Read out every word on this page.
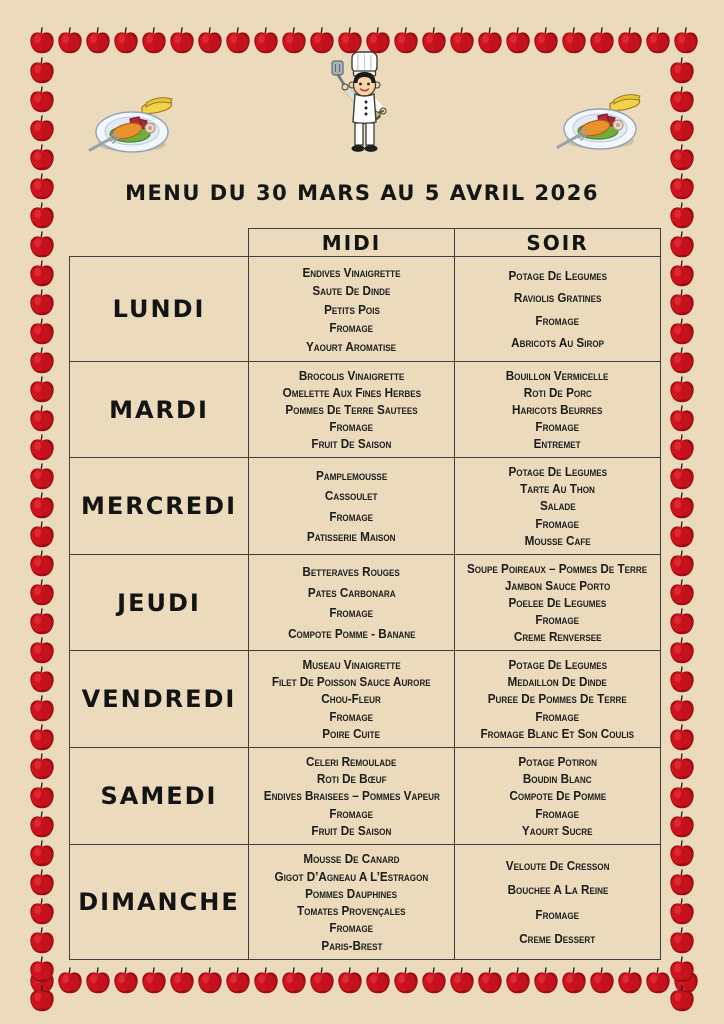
MENU DU 30 MARS AU 5 AVRIL 2026
MIDI	SOIR
LUNDI
Endives Vinaigrette
Saute De Dinde
Petits Pois
Fromage
Yaourt Aromatise
Potage De Legumes
Raviolis Gratines
Fromage
Abricots Au Sirop
MARDI
Brocolis Vinaigrette
Omelette Aux Fines Herbes
Pommes De Terre Sautees
Fromage
Fruit De Saison
Bouillon Vermicelle
Roti De Porc
Haricots Beurres
Fromage
Entremet
MERCREDI
Pamplemousse
Cassoulet
Fromage
Patisserie Maison
Potage De Legumes
Tarte Au Thon
Salade
Fromage
Mousse Cafe
JEUDI
Betteraves Rouges
Pates Carbonara
Fromage
Compote Pomme - Banane
Soupe Poireaux – Pommes De Terre
Jambon Sauce Porto
Poelee De Legumes
Fromage
Creme Renversee
VENDREDI
Museau Vinaigrette
Filet De Poisson Sauce Aurore
Chou-Fleur
Fromage
Poire Cuite
Potage De Legumes
Medaillon De Dinde
Puree De Pommes De Terre
Fromage
Fromage Blanc Et Son Coulis
SAMEDI
Celeri Remoulade
Roti De Bœuf
Endives Braisees – Pommes Vapeur
Fromage
Fruit De Saison
Potage Potiron
Boudin Blanc
Compote De Pomme
Fromage
Yaourt Sucre
DIMANCHE
Mousse De Canard
Gigot D’Agneau A L’Estragon
Pommes Dauphines
Tomates Provençales
Fromage
Paris-Brest
Veloute De Cresson
Bouchee A La Reine
Fromage
Creme Dessert
